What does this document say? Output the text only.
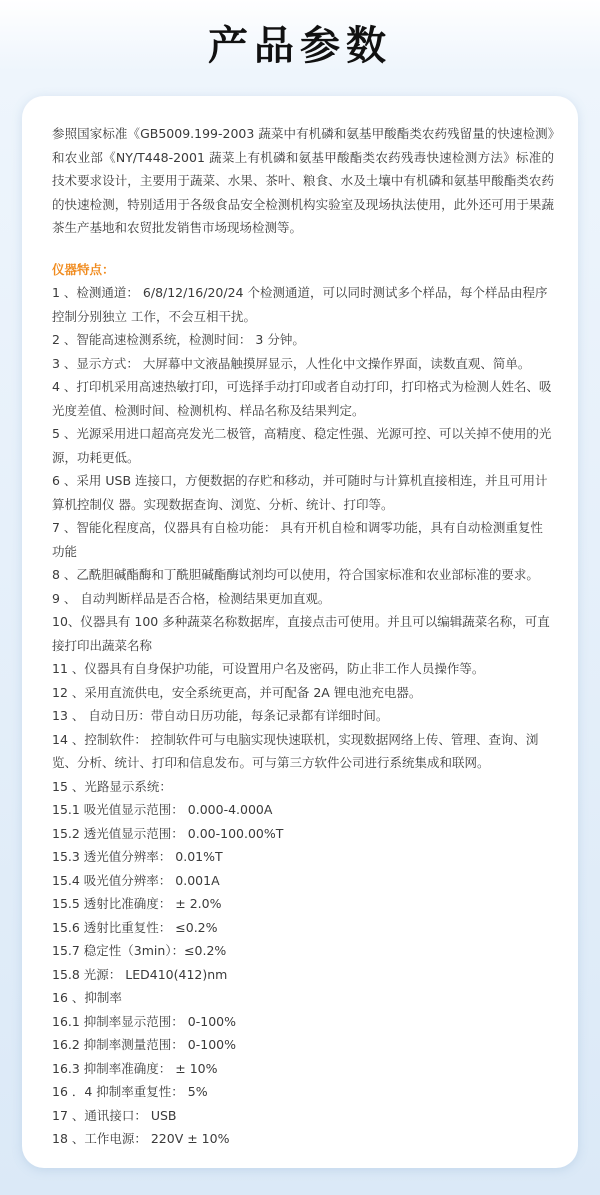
产品参数

参照国家标准《GB5009.199-2003 蔬菜中有机磷和氨基甲酸酯类农药残留量的快速检测》和农业部《NY/T448-2001 蔬菜上有机磷和氨基甲酸酯类农药残毒快速检测方法》标准的技术要求设计，主要用于蔬菜、水果、茶叶、粮食、水及土壤中有机磷和氨基甲酸酯类农药的快速检测，特别适用于各级食品安全检测机构实验室及现场执法使用，此外还可用于果蔬茶生产基地和农贸批发销售市场现场检测等。

仪器特点：
1 、检测通道： 6/8/12/16/20/24 个检测通道，可以同时测试多个样品，每个样品由程序控制分别独立 工作，不会互相干扰。
2 、智能高速检测系统，检测时间： 3 分钟。
3 、显示方式： 大屏幕中文液晶触摸屏显示，人性化中文操作界面，读数直观、简单。
4 、打印机采用高速热敏打印，可选择手动打印或者自动打印，打印格式为检测人姓名、吸光度差值、检测时间、检测机构、样品名称及结果判定。
5 、光源采用进口超高亮发光二极管，高精度、稳定性强、光源可控、可以关掉不使用的光源，功耗更低。
6 、采用 USB 连接口，方便数据的存贮和移动，并可随时与计算机直接相连，并且可用计算机控制仪 器。实现数据查询、浏览、分析、统计、打印等。
7 、智能化程度高，仪器具有自检功能： 具有开机自检和调零功能，具有自动检测重复性功能
8 、乙酰胆碱酯酶和丁酰胆碱酯酶试剂均可以使用，符合国家标准和农业部标准的要求。
9 、 自动判断样品是否合格，检测结果更加直观。
10、仪器具有 100 多种蔬菜名称数据库，直接点击可使用。并且可以编辑蔬菜名称，可直接打印出蔬菜名称
11 、仪器具有自身保护功能，可设置用户名及密码，防止非工作人员操作等。
12 、采用直流供电，安全系统更高，并可配备 2A 锂电池充电器。
13 、 自动日历：带自动日历功能，每条记录都有详细时间。
14 、控制软件： 控制软件可与电脑实现快速联机，实现数据网络上传、管理、查询、浏览、分析、统计、打印和信息发布。可与第三方软件公司进行系统集成和联网。
15 、光路显示系统：
15.1 吸光值显示范围： 0.000-4.000A
15.2 透光值显示范围： 0.00-100.00%T
15.3 透光值分辨率： 0.01%T
15.4 吸光值分辨率： 0.001A
15.5 透射比准确度： ± 2.0%
15.6 透射比重复性： ≤0.2%
15.7 稳定性（3min）：≤0.2%
15.8 光源： LED410(412)nm
16 、抑制率
16.1 抑制率显示范围： 0-100%
16.2 抑制率测量范围： 0-100%
16.3 抑制率准确度： ± 10%
16 ．4 抑制率重复性： 5%
17 、通讯接口： USB
18 、工作电源： 220V ± 10%
